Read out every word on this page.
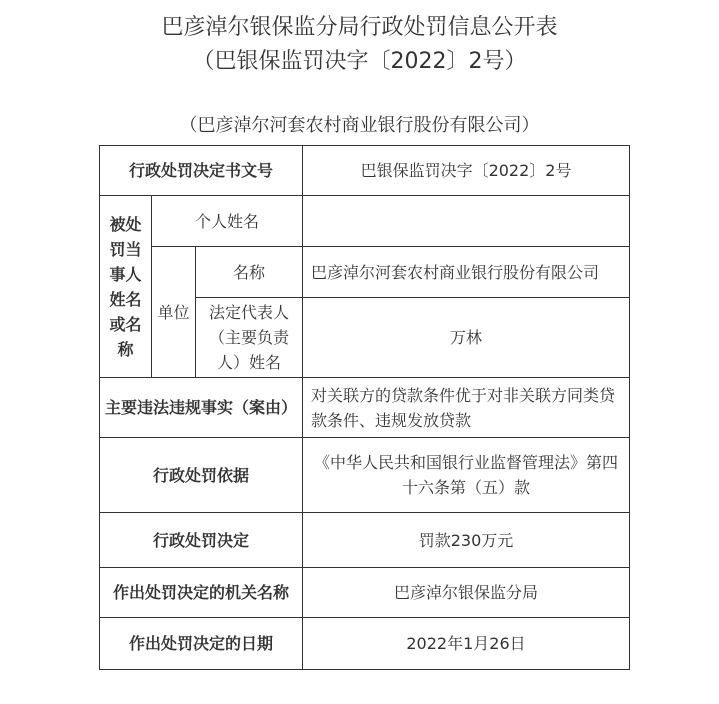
巴彦淖尔银保监分局行政处罚信息公开表
（巴银保监罚决字〔2022〕2号）
（巴彦淖尔河套农村商业银行股份有限公司）
行政处罚决定书文号			巴银保监罚决字〔2022〕2号
被处罚当事人姓名或名称	个人姓名		
	单位	名称	巴彦淖尔河套农村商业银行股份有限公司
		法定代表人（主要负责人）姓名	万林
主要违法违规事实（案由）			对关联方的贷款条件优于对非关联方同类贷款条件、违规发放贷款
行政处罚依据			《中华人民共和国银行业监督管理法》第四十六条第（五）款
行政处罚决定			罚款230万元
作出处罚决定的机关名称			巴彦淖尔银保监分局
作出处罚决定的日期			2022年1月26日
